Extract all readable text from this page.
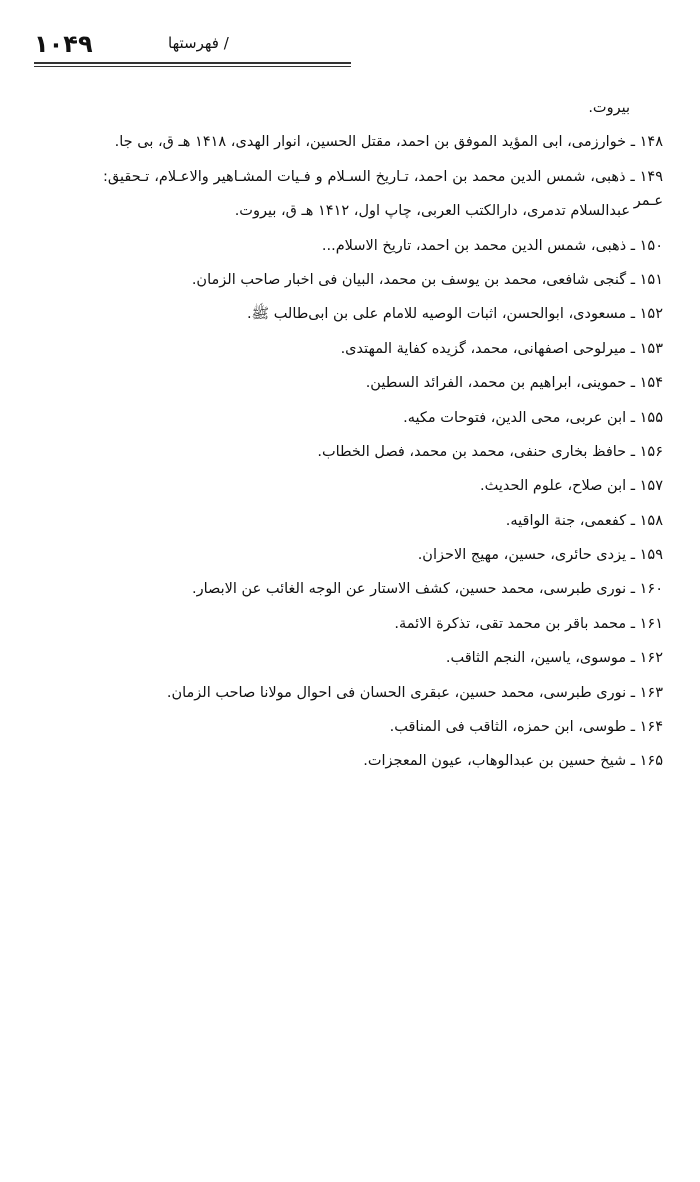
۱۰۴۹	/ فهرستها
بیروت.
۱۴۸ ـ خوارزمی، ابی المؤید الموفق بن احمد، مقتل الحسین، انوار الهدی، ۱۴۱۸ هـ ق، بی جا.
۱۴۹ ـ ذهبی، شمس الدین محمد بن احمد، تـاریخ السـلام و فـیات المشـاهیر والاعـلام، تـحقیق: عـمر
عبدالسلام تدمری، دارالکتب العربی، چاپ اول، ۱۴۱۲ هـ ق، بیروت.
۱۵۰ ـ ذهبی، شمس الدین محمد بن احمد، تاریخ الاسلام...
۱۵۱ ـ گنجی شافعی، محمد بن یوسف بن محمد، البیان فی اخبار صاحب الزمان.
۱۵۲ ـ مسعودی، ابوالحسن، اثبات الوصیه للامام علی بن ابی‌طالب ﷺ.
۱۵۳ ـ میرلوحی اصفهانی، محمد، گزیده کفایة المهتدی.
۱۵۴ ـ حموینی، ابراهیم بن محمد، الفرائد السطین.
۱۵۵ ـ ابن عربی، محی الدین، فتوحات مکیه.
۱۵۶ ـ حافظ بخاری حنفی، محمد بن محمد، فصل الخطاب.
۱۵۷ ـ ابن صلاح، علوم الحدیث.
۱۵۸ ـ کفعمی، جنة الواقیه.
۱۵۹ ـ یزدی حائری، حسین، مهیج الاحزان.
۱۶۰ ـ نوری طبرسی، محمد حسین، کشف الاستار عن الوجه الغائب عن الابصار.
۱۶۱ ـ محمد باقر بن محمد تقی، تذکرة الائمة.
۱۶۲ ـ موسوی، یاسین، النجم الثاقب.
۱۶۳ ـ نوری طبرسی، محمد حسین، عبقری الحسان فی احوال مولانا صاحب الزمان.
۱۶۴ ـ طوسی، ابن حمزه، الثاقب فی المناقب.
۱۶۵ ـ شیخ حسین بن عبدالوهاب، عیون المعجزات.
